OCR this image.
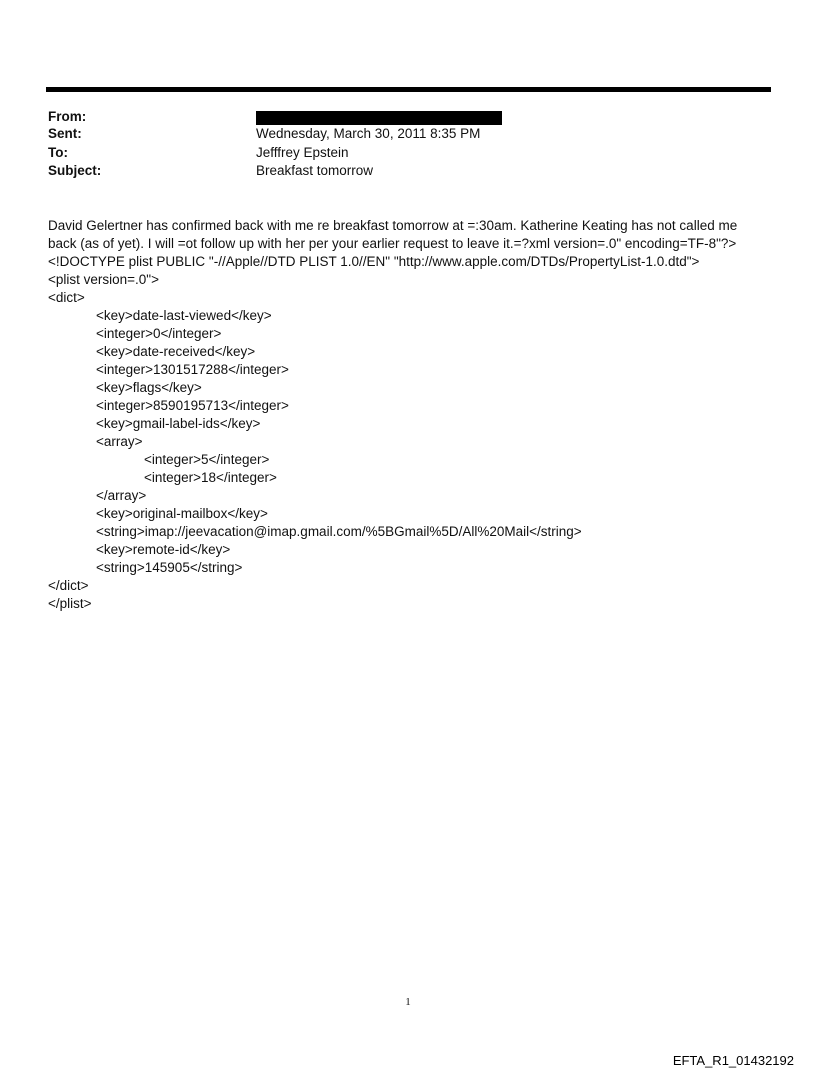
From:
Sent:	Wednesday, March 30, 2011 8:35 PM
To:	Jefffrey Epstein
Subject:	Breakfast tomorrow
David Gelertner has confirmed back with me re breakfast tomorrow at =:30am. Katherine Keating has not called me
back (as of yet). I will =ot follow up with her per your earlier request to leave it.=?xml version=.0" encoding=TF-8"?>
<!DOCTYPE plist PUBLIC "-//Apple//DTD PLIST 1.0//EN" "http://www.apple.com/DTDs/PropertyList-1.0.dtd">
<plist version=.0">
<dict>
<key>date-last-viewed</key>
<integer>0</integer>
<key>date-received</key>
<integer>1301517288</integer>
<key>flags</key>
<integer>8590195713</integer>
<key>gmail-label-ids</key>
<array>
<integer>5</integer>
<integer>18</integer>
</array>
<key>original-mailbox</key>
<string>imap://jeevacation@imap.gmail.com/%5BGmail%5D/All%20Mail</string>
<key>remote-id</key>
<string>145905</string>
</dict>
</plist>
1
EFTA_R1_01432192
